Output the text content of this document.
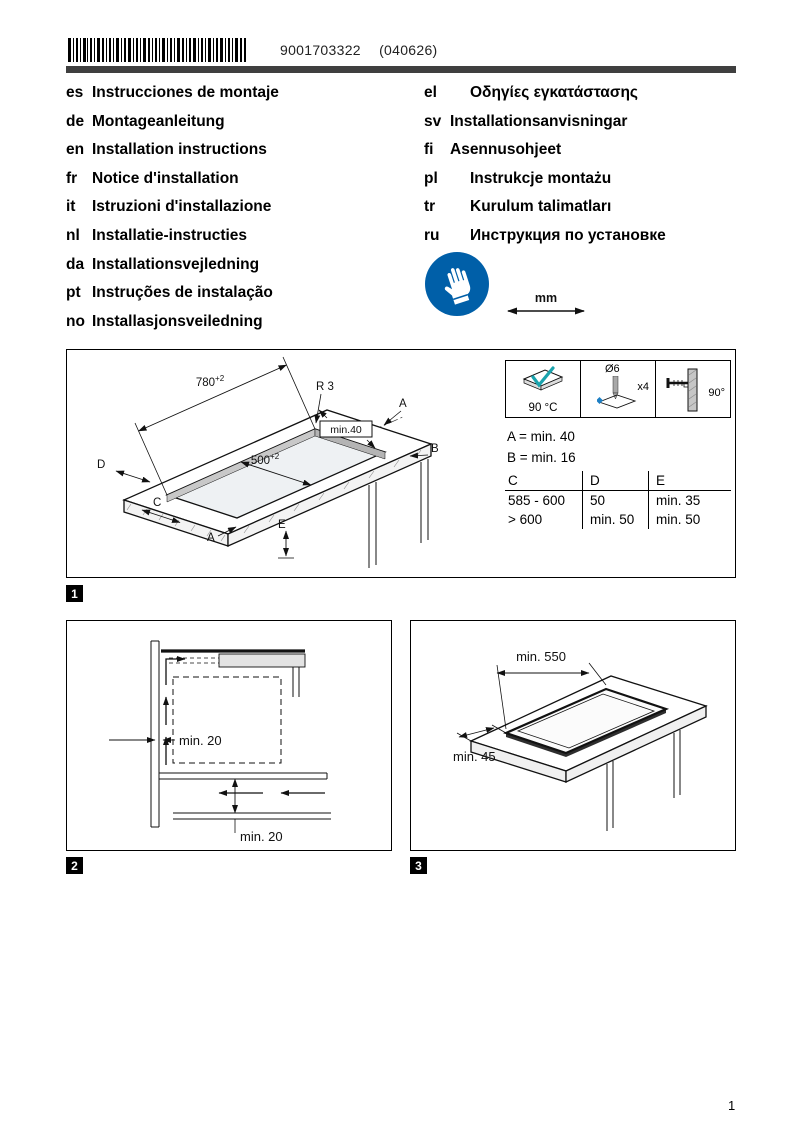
9001703322 (040626)
es Instrucciones de montaje
de Montageanleitung
en Installation instructions
fr Notice d'installation
it	Istruzioni d'installazione
nl Installatie-instructies
da Installationsvejledning
pt Instruções de instalação
no Installasjonsveiledning
el	Οδηγίες εγκατάστασης
sv Installationsanvisningar
fi	Asennusohjeet
pl	Instrukcje montażu
tr	Kurulum talimatları
ru	Инструкция по установке
mm
$780^{+2}$
R 3
min.40
$500^{+2}$
E
C
D
A
B
A
90 °C
Ø6
x4	90°
A = min. 40
B = min. 16
C	D	E
585 - 600	50	min. 35
> 600	min. 50	min. 50
1
min. 20
min. 20
2
min. 550
min. 45
3
1
